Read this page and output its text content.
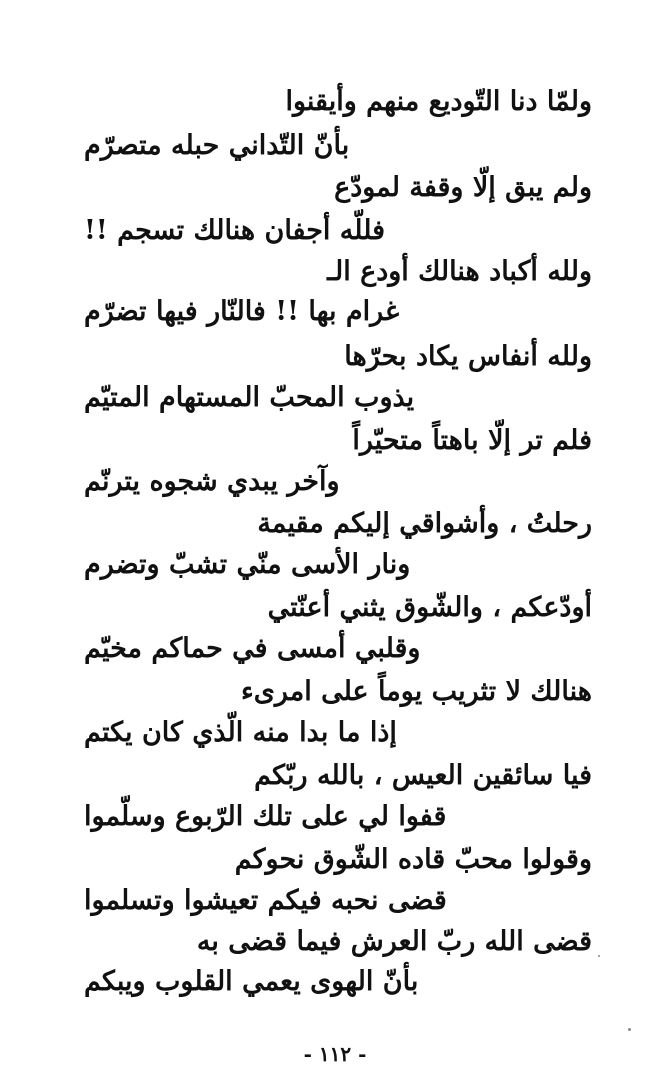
ولمّا دنا التّوديع منهم وأيقنوا
بأنّ التّداني حبله متصرّم
ولم يبق إلّا وقفة لمودّع
فللّه أجفان هنالك تسجم !!
ولله أكباد هنالك أودع الـ
غرام بها !! فالنّار فيها تضرّم
ولله أنفاس يكاد بحرّها
يذوب المحبّ المستهام المتيّم
فلم تر إلّا باهتاً متحيّراً
وآخر يبدي شجوه يترنّم
رحلتُ ، وأشواقي إليكم مقيمة
ونار الأسى منّي تشبّ وتضرم
أودّعكم ، والشّوق يثني أعنّتي
وقلبي أمسى في حماكم مخيّم
هنالك لا تثريب يوماً على امرىء
إذا ما بدا منه الّذي كان يكتم
فيا سائقين العيس ، بالله ربّكم
قفوا لي على تلك الرّبوع وسلّموا
وقولوا محبّ قاده الشّوق نحوكم
قضى نحبه فيكم تعيشوا وتسلموا
قضى الله ربّ العرش فيما قضى به
بأنّ الهوى يعمي القلوب ويبكم
- ١١٢ -
